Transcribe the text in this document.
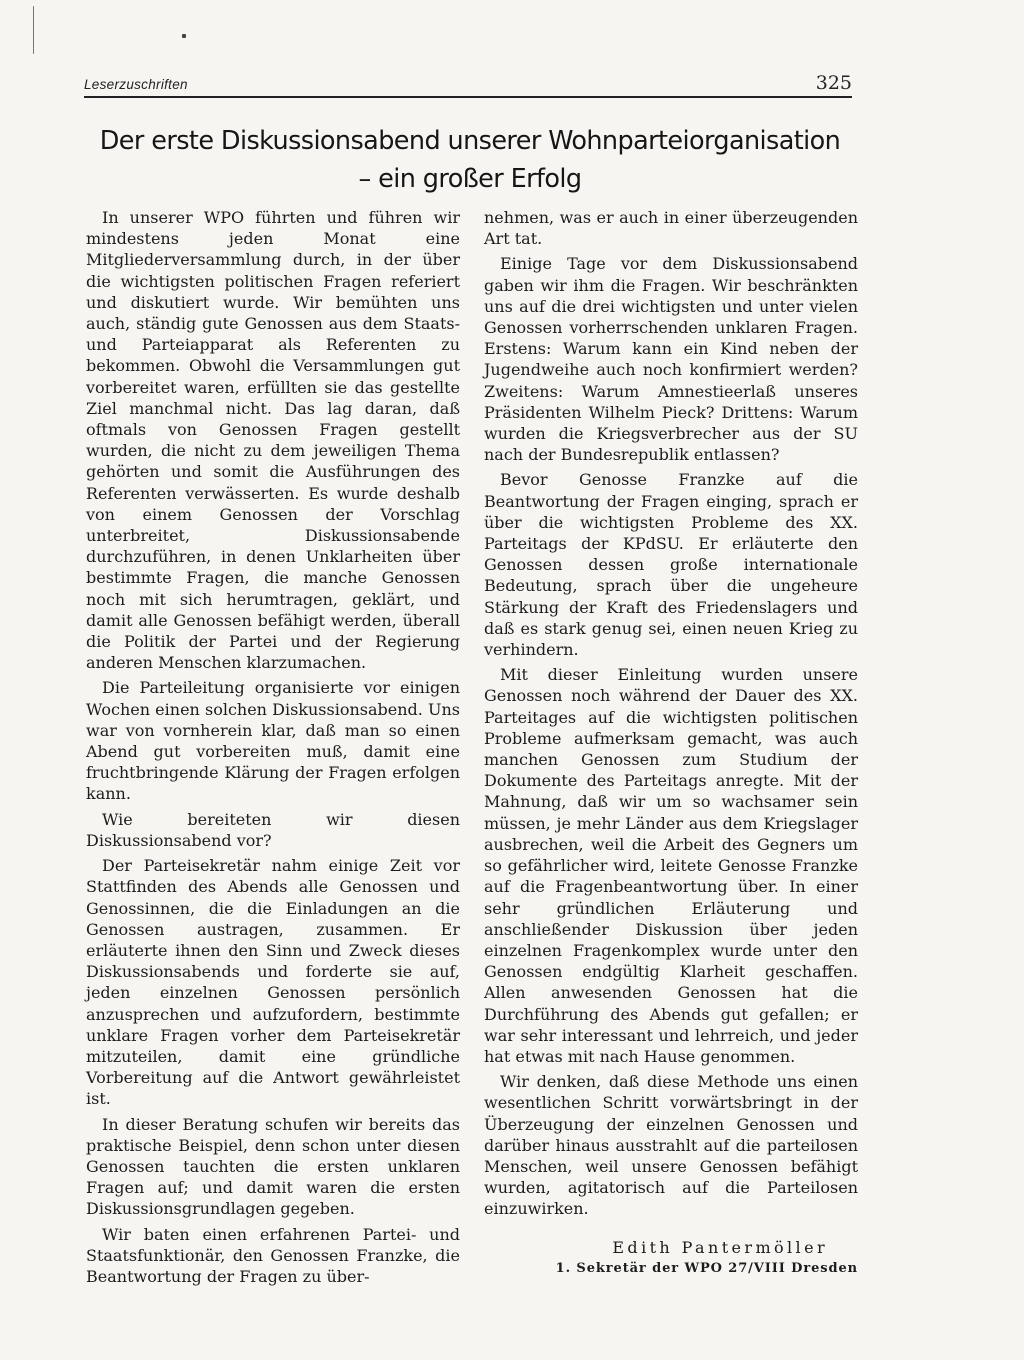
Leserzuschriften	325
Der erste Diskussionsabend unserer Wohnparteiorganisation
– ein großer Erfolg

In unserer WPO führten und führen wir mindestens jeden Monat eine Mitgliederversammlung durch, in der über die wichtigsten politischen Fragen referiert und diskutiert wurde. Wir bemühten uns auch, ständig gute Genossen aus dem Staats- und Parteiapparat als Referenten zu bekommen. Obwohl die Versammlungen gut vorbereitet waren, erfüllten sie das gestellte Ziel manchmal nicht. Das lag daran, daß oftmals von Genossen Fragen gestellt wurden, die nicht zu dem jeweiligen Thema gehörten und somit die Ausführungen des Referenten verwässerten. Es wurde deshalb von einem Genossen der Vorschlag unterbreitet, Diskussionsabende durchzuführen, in denen Unklarheiten über bestimmte Fragen, die manche Genossen noch mit sich herumtragen, geklärt, und damit alle Genossen befähigt werden, überall die Politik der Partei und der Regierung anderen Menschen klarzumachen.

Die Parteileitung organisierte vor einigen Wochen einen solchen Diskussionsabend. Uns war von vornherein klar, daß man so einen Abend gut vorbereiten muß, damit eine fruchtbringende Klärung der Fragen erfolgen kann.

Wie bereiteten wir diesen Diskussionsabend vor?

Der Parteisekretär nahm einige Zeit vor Stattfinden des Abends alle Genossen und Genossinnen, die die Einladungen an die Genossen austragen, zusammen. Er erläuterte ihnen den Sinn und Zweck dieses Diskussionsabends und forderte sie auf, jeden einzelnen Genossen persönlich anzusprechen und aufzufordern, bestimmte unklare Fragen vorher dem Parteisekretär mitzuteilen, damit eine gründliche Vorbereitung auf die Antwort gewährleistet ist.

In dieser Beratung schufen wir bereits das praktische Beispiel, denn schon unter diesen Genossen tauchten die ersten unklaren Fragen auf; und damit waren die ersten Diskussionsgrundlagen gegeben.

Wir baten einen erfahrenen Partei- und Staatsfunktionär, den Genossen Franzke, die Beantwortung der Fragen zu über-

nehmen, was er auch in einer überzeugenden Art tat.

Einige Tage vor dem Diskussionsabend gaben wir ihm die Fragen. Wir beschränkten uns auf die drei wichtigsten und unter vielen Genossen vorherrschenden unklaren Fragen. Erstens: Warum kann ein Kind neben der Jugendweihe auch noch konfirmiert werden? Zweitens: Warum Amnestieerlaß unseres Präsidenten Wilhelm Pieck? Drittens: Warum wurden die Kriegsverbrecher aus der SU nach der Bundesrepublik entlassen?

Bevor Genosse Franzke auf die Beantwortung der Fragen einging, sprach er über die wichtigsten Probleme des XX. Parteitags der KPdSU. Er erläuterte den Genossen dessen große internationale Bedeutung, sprach über die ungeheure Stärkung der Kraft des Friedenslagers und daß es stark genug sei, einen neuen Krieg zu verhindern.

Mit dieser Einleitung wurden unsere Genossen noch während der Dauer des XX. Parteitages auf die wichtigsten politischen Probleme aufmerksam gemacht, was auch manchen Genossen zum Studium der Dokumente des Parteitags anregte. Mit der Mahnung, daß wir um so wachsamer sein müssen, je mehr Länder aus dem Kriegslager ausbrechen, weil die Arbeit des Gegners um so gefährlicher wird, leitete Genosse Franzke auf die Fragenbeantwortung über. In einer sehr gründlichen Erläuterung und anschließender Diskussion über jeden einzelnen Fragenkomplex wurde unter den Genossen endgültig Klarheit geschaffen. Allen anwesenden Genossen hat die Durchführung des Abends gut gefallen; er war sehr interessant und lehrreich, und jeder hat etwas mit nach Hause genommen.

Wir denken, daß diese Methode uns einen wesentlichen Schritt vorwärtsbringt in der Überzeugung der einzelnen Genossen und darüber hinaus ausstrahlt auf die parteilosen Menschen, weil unsere Genossen befähigt wurden, agitatorisch auf die Parteilosen einzuwirken.

Edith Pantermöller
1. Sekretär der WPO 27/VIII Dresden
